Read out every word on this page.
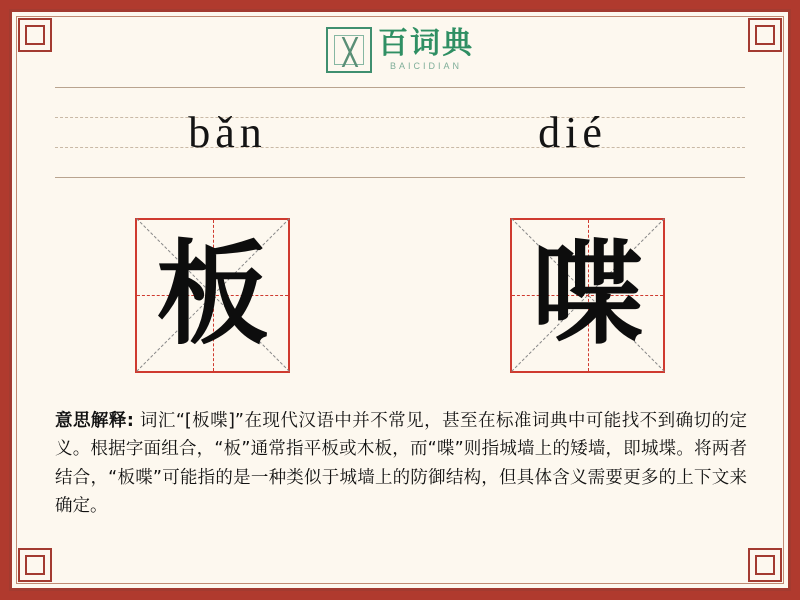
百词典
BAICIDIAN
bǎn	dié
板 喋
意思解释: 词汇“[板喋]”在现代汉语中并不常见，甚至在标准词典中可能找不到确切的定义。根据字面组合，“板”通常指平板或木板，而“喋”则指城墙上的矮墙，即城堞。将两者结合，“板喋”可能指的是一种类似于城墙上的防御结构，但具体含义需要更多的上下文来确定。
